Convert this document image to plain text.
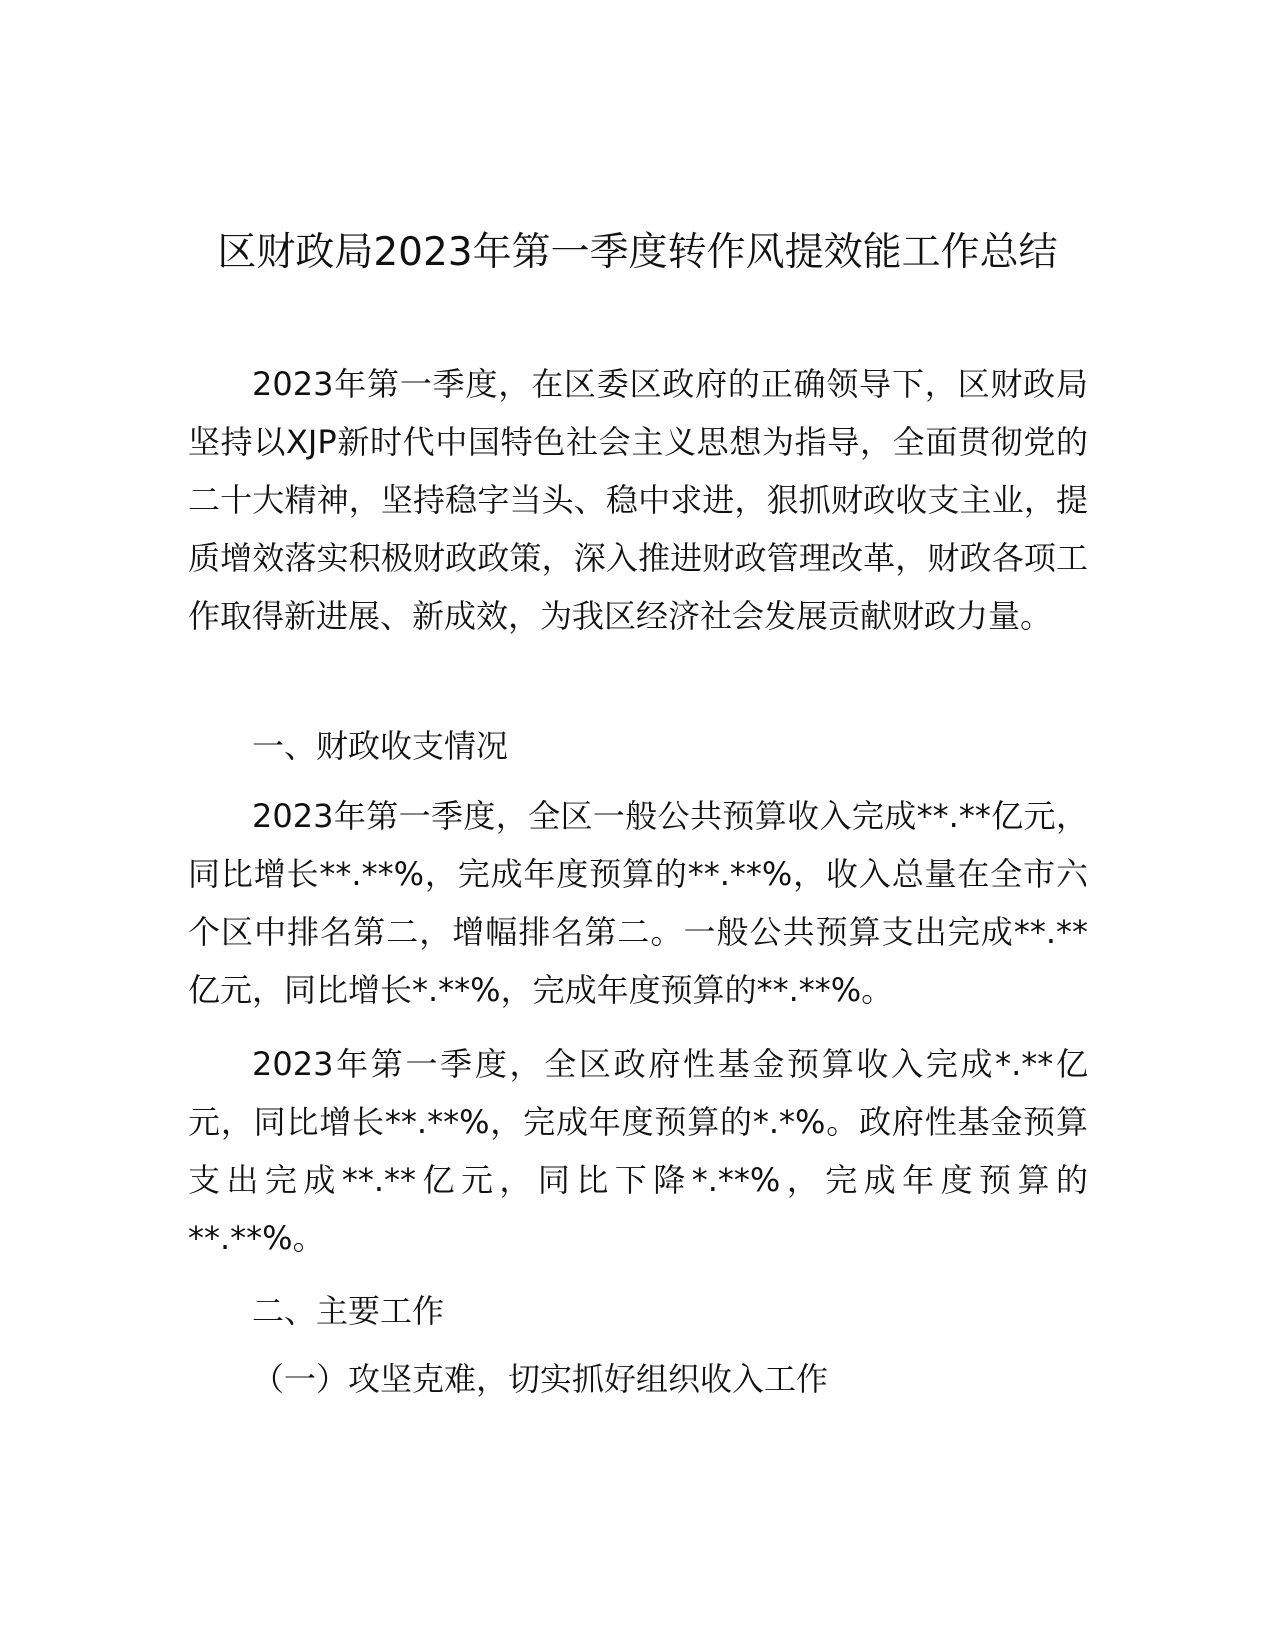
区财政局2023年第一季度转作风提效能工作总结

2023年第一季度，在区委区政府的正确领导下，区财政局坚持以XJP新时代中国特色社会主义思想为指导，全面贯彻党的二十大精神，坚持稳字当头、稳中求进，狠抓财政收支主业，提质增效落实积极财政政策，深入推进财政管理改革，财政各项工作取得新进展、新成效，为我区经济社会发展贡献财政力量。

一、财政收支情况

2023年第一季度，全区一般公共预算收入完成**.**亿元，同比增长**.**%，完成年度预算的**.**%，收入总量在全市六个区中排名第二，增幅排名第二。一般公共预算支出完成**.**亿元，同比增长*.**%，完成年度预算的**.**%。

2023年第一季度，全区政府性基金预算收入完成*.**亿元，同比增长**.**%，完成年度预算的*.*%。政府性基金预算支出完成**.**亿元，同比下降*.**%，完成年度预算的**.**%。

二、主要工作

（一）攻坚克难，切实抓好组织收入工作
